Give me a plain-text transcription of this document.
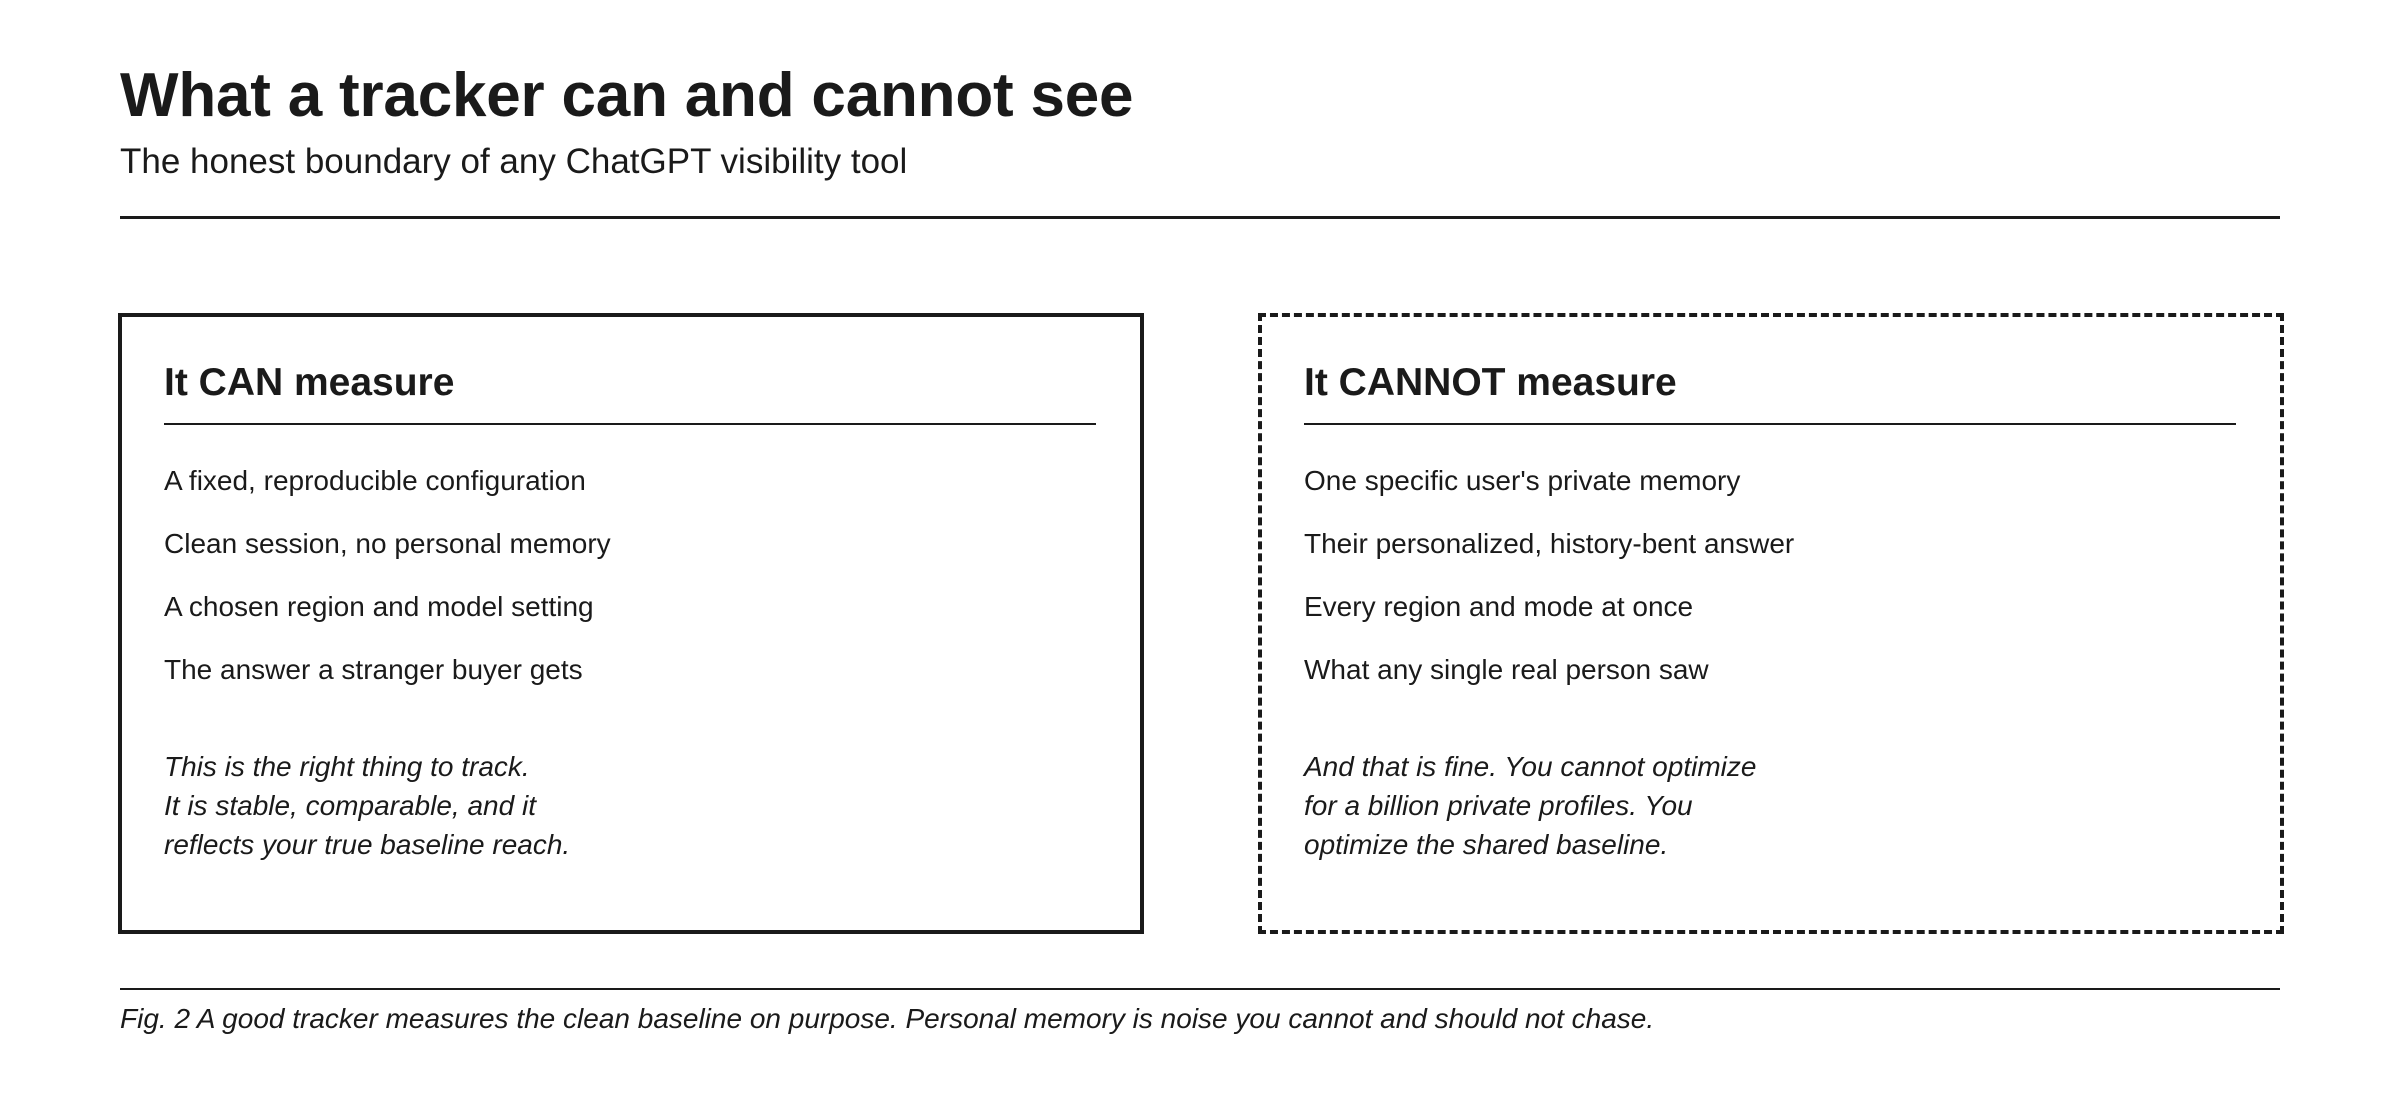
What a tracker can and cannot see
The honest boundary of any ChatGPT visibility tool
It CAN measure
A fixed, reproducible configuration
Clean session, no personal memory
A chosen region and model setting
The answer a stranger buyer gets

This is the right thing to track.
It is stable, comparable, and it
reflects your true baseline reach.

It CANNOT measure
One specific user's private memory
Their personalized, history-bent answer
Every region and mode at once
What any single real person saw

And that is fine. You cannot optimize
for a billion private profiles. You
optimize the shared baseline.

Fig. 2 A good tracker measures the clean baseline on purpose. Personal memory is noise you cannot and should not chase.
